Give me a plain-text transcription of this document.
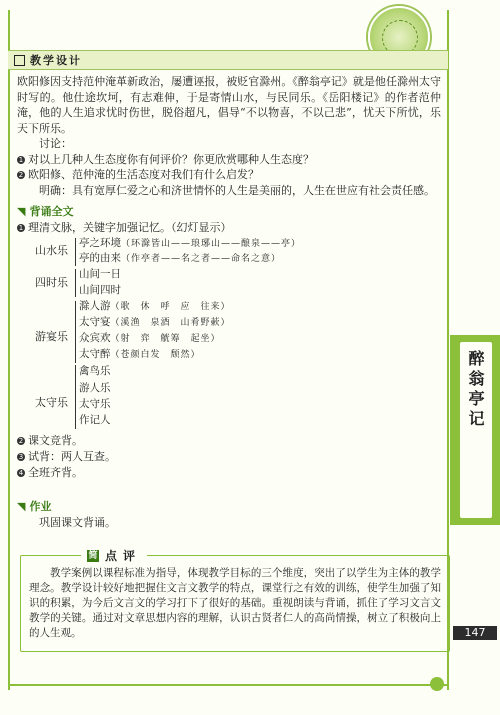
教学设计

欧阳修因支持范仲淹革新政治，屡遭诬报，被贬官滁州。《醉翁亭记》就是他任滁州太守时写的。他仕途坎坷，有志难伸，于是寄情山水，与民同乐。《岳阳楼记》的作者范仲淹，他的人生追求忧时伤世，脱俗超凡，倡导“不以物喜，不以己悲”，忧天下所忧，乐天下所乐。

讨论：

1 对以上几种人生态度你有何评价？你更欣赏哪种人生态度？

2 欧阳修、范仲淹的生活态度对我们有什么启发？

明确：具有宽厚仁爱之心和济世情怀的人生是美丽的，人生在世应有社会责任感。

◥ 背诵全文

1 理清文脉，关键字加强记忆。（幻灯显示）

山水乐
亭之环境（环滁皆山——琅琊山——酿泉——亭）
亭的由来（作亭者——名之者——命名之意）
四时乐
山间一日
山间四时
游宴乐
滁人游（歌　休　呼　应　往来）
太守宴（溪渔　泉酒　山肴野蔌）
众宾欢（射　弈　觥筹　起坐）
太守醉（苍颜白发　颓然）
太守乐
禽鸟乐
游人乐
太守乐
作记人

2 课文竞背。

3 试背：两人互查。

4 全班齐背。

◥ 作业

巩固课文背诵。

简 点评
教学案例以课程标准为指导，体现教学目标的三个维度，突出了以学生为主体的教学理念。教学设计较好地把握住文言文教学的特点，课堂行之有效的训练，使学生加强了知识的积累，为今后文言文的学习打下了很好的基础。重视朗读与背诵，抓住了学习文言文教学的关键。通过对文章思想内容的理解，认识古贤者仁人的高尚情操，树立了积极向上的人生观。
醉翁亭记
147
